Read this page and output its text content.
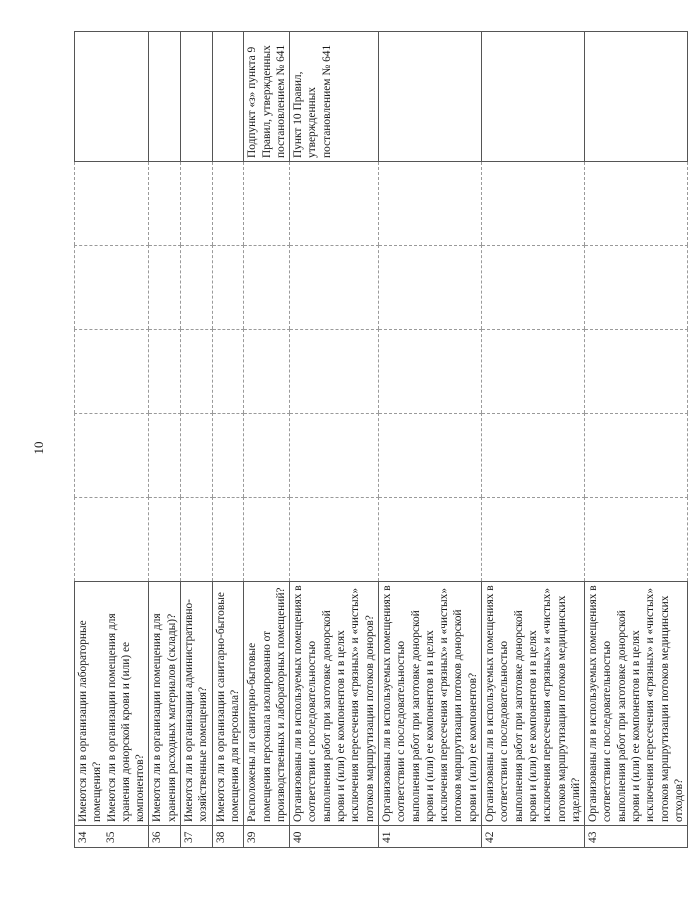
10
34 35	Имеются ли в организации лабораторные помещения? Имеются ли в организации помещения для хранения донорской крови и (или) ее компонентов?						

36	Имеются ли в организации помещения для хранения расходных материалов (склады)?						

37	Имеются ли в организации административно-хозяйственные помещения?						

38	Имеются ли в организации санитарно-бытовые помещения для персонала?						

39	Расположены ли санитарно-бытовые помещения персонала изолированно от производственных и лабораторных помещений?						Подпункт «з» пункта 9 Правил, утвержденных постановлением № 641

40	Организованы ли в используемых помещениях в соответствии с последовательностью выполнения работ при заготовке донорской крови и (или) ее компонентов и в целях исключения пересечения «грязных» и «чистых» потоков маршрутизации потоков доноров?						Пункт 10 Правил, утвержденных постановлением № 641

41	Организованы ли в используемых помещениях в соответствии с последовательностью выполнения работ при заготовке донорской крови и (или) ее компонентов и в целях исключения пересечения «грязных» и «чистых» потоков маршрутизации потоков донорской крови и (или) ее компонентов?						

42	Организованы ли в используемых помещениях в соответствии с последовательностью выполнения работ при заготовке донорской крови и (или) ее компонентов и в целях исключения пересечения «грязных» и «чистых» потоков маршрутизации потоков медицинских изделий?						

43	Организованы ли в используемых помещениях в соответствии с последовательностью выполнения работ при заготовке донорской крови и (или) ее компонентов и в целях исключения пересечения «грязных» и «чистых» потоков маршрутизации потоков медицинских отходов?						
